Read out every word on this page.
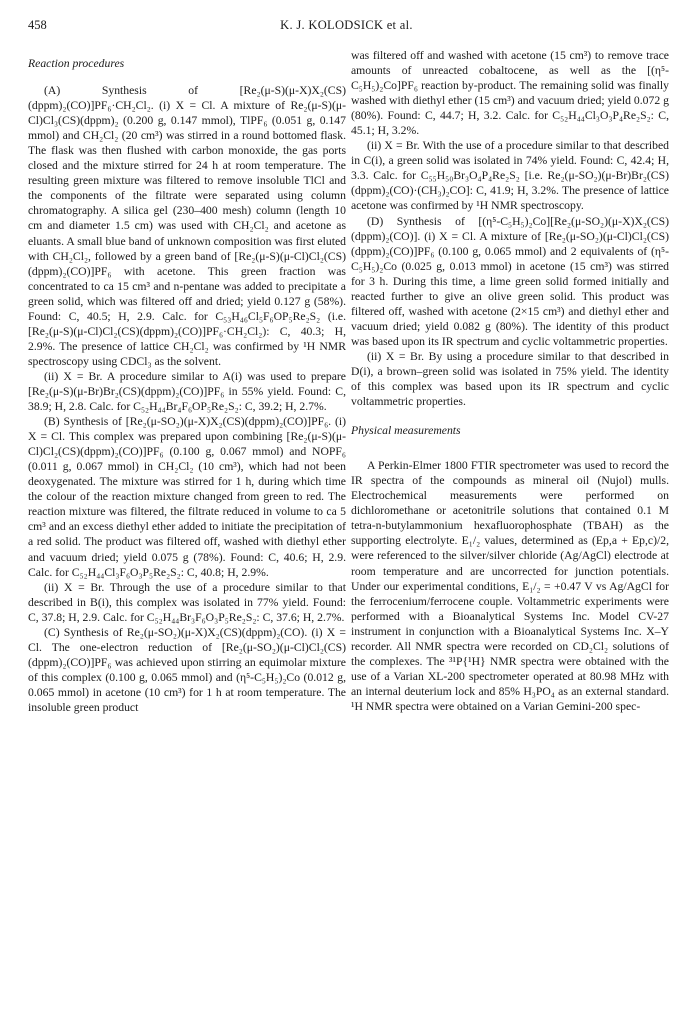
458	K. J. KOLODSICK et al.
Reaction procedures

(A) Synthesis of [Re₂(μ-S)(μ-X)X₂(CS)(dppm)₂(CO)]PF₆·CH₂Cl₂. (i) X = Cl. A mixture of Re₂(μ-S)(μ-Cl)Cl₃(CS)(dppm)₂ (0.200 g, 0.147 mmol), TlPF₆ (0.051 g, 0.147 mmol) and CH₂Cl₂ (20 cm³) was stirred in a round bottomed flask. The flask was then flushed with carbon monoxide, the gas ports closed and the mixture stirred for 24 h at room temperature. The resulting green mixture was filtered to remove insoluble TlCl and the components of the filtrate were separated using column chromatography. A silica gel (230–400 mesh) column (length 10 cm and diameter 1.5 cm) was used with CH₂Cl₂ and acetone as eluants. A small blue band of unknown composition was first eluted with CH₂Cl₂, followed by a green band of [Re₂(μ-S)(μ-Cl)Cl₂(CS)(dppm)₂(CO)]PF₆ with acetone. This green fraction was concentrated to ca 15 cm³ and n-pentane was added to precipitate a green solid, which was filtered off and dried; yield 0.127 g (58%). Found: C, 40.5; H, 2.9. Calc. for C₅₃H₄₆Cl₅F₆OP₅Re₂S₂ (i.e. [Re₂(μ-S)(μ-Cl)Cl₂(CS)(dppm)₂(CO)]PF₆·CH₂Cl₂): C, 40.3; H, 2.9%. The presence of lattice CH₂Cl₂ was confirmed by ¹H NMR spectroscopy using CDCl₃ as the solvent.

(ii) X = Br. A procedure similar to A(i) was used to prepare [Re₂(μ-S)(μ-Br)Br₂(CS)(dppm)₂(CO)]PF₆ in 55% yield. Found: C, 38.9; H, 2.8. Calc. for C₅₂H₄₄Br₄F₆OP₅Re₂S₂: C, 39.2; H, 2.7%.

(B) Synthesis of [Re₂(μ-SO₂)(μ-X)X₂(CS)(dppm)₂(CO)]PF₆. (i) X = Cl. This complex was prepared upon combining [Re₂(μ-S)(μ-Cl)Cl₂(CS)(dppm)₂(CO)]PF₆ (0.100 g, 0.067 mmol) and NOPF₆ (0.011 g, 0.067 mmol) in CH₂Cl₂ (10 cm³), which had not been deoxygenated. The mixture was stirred for 1 h, during which time the colour of the reaction mixture changed from green to red. The reaction mixture was filtered, the filtrate reduced in volume to ca 5 cm³ and an excess diethyl ether added to initiate the precipitation of a red solid. The product was filtered off, washed with diethyl ether and vacuum dried; yield 0.075 g (78%). Found: C, 40.6; H, 2.9. Calc. for C₅₂H₄₄Cl₃F₆O₃P₅Re₂S₂: C, 40.8; H, 2.9%.

(ii) X = Br. Through the use of a procedure similar to that described in B(i), this complex was isolated in 77% yield. Found: C, 37.8; H, 2.9. Calc. for C₅₂H₄₄Br₃F₆O₃P₅Re₂S₂: C, 37.6; H, 2.7%.

(C) Synthesis of Re₂(μ-SO₂)(μ-X)X₂(CS)(dppm)₂(CO). (i) X = Cl. The one-electron reduction of [Re₂(μ-SO₂)(μ-Cl)Cl₂(CS)(dppm)₂(CO)]PF₆ was achieved upon stirring an equimolar mixture of this complex (0.100 g, 0.065 mmol) and (η⁵-C₅H₅)₂Co (0.012 g, 0.065 mmol) in acetone (10 cm³) for 1 h at room temperature. The insoluble green product

was filtered off and washed with acetone (15 cm³) to remove trace amounts of unreacted cobaltocene, as well as the [(η⁵-C₅H₅)₂Co]PF₆ reaction by-product. The remaining solid was finally washed with diethyl ether (15 cm³) and vacuum dried; yield 0.072 g (80%). Found: C, 44.7; H, 3.2. Calc. for C₅₂H₄₄Cl₃O₃P₄Re₂S₂: C, 45.1; H, 3.2%.

(ii) X = Br. With the use of a procedure similar to that described in C(i), a green solid was isolated in 74% yield. Found: C, 42.4; H, 3.3. Calc. for C₅₅H₅₀Br₃O₄P₄Re₂S₂ [i.e. Re₂(μ-SO₂)(μ-Br)Br₂(CS)(dppm)₂(CO)·(CH₃)₂CO]: C, 41.9; H, 3.2%. The presence of lattice acetone was confirmed by ¹H NMR spectroscopy.

(D) Synthesis of [(η⁵-C₅H₅)₂Co][Re₂(μ-SO₂)(μ-X)X₂(CS)(dppm)₂(CO)]. (i) X = Cl. A mixture of [Re₂(μ-SO₂)(μ-Cl)Cl₂(CS)(dppm)₂(CO)]PF₆ (0.100 g, 0.065 mmol) and 2 equivalents of (η⁵-C₅H₅)₂Co (0.025 g, 0.013 mmol) in acetone (15 cm³) was stirred for 3 h. During this time, a lime green solid formed initially and reacted further to give an olive green solid. This product was filtered off, washed with acetone (2×15 cm³) and diethyl ether and vacuum dried; yield 0.082 g (80%). The identity of this product was based upon its IR spectrum and cyclic voltammetric properties.

(ii) X = Br. By using a procedure similar to that described in D(i), a brown–green solid was isolated in 75% yield. The identity of this complex was based upon its IR spectrum and cyclic voltammetric properties.

Physical measurements

A Perkin-Elmer 1800 FTIR spectrometer was used to record the IR spectra of the compounds as mineral oil (Nujol) mulls. Electrochemical measurements were performed on dichloromethane or acetonitrile solutions that contained 0.1 M tetra-n-butylammonium hexafluorophosphate (TBAH) as the supporting electrolyte. E₁/₂ values, determined as (Ep,a + Ep,c)/2, were referenced to the silver/silver chloride (Ag/AgCl) electrode at room temperature and are uncorrected for junction potentials. Under our experimental conditions, E₁/₂ = +0.47 V vs Ag/AgCl for the ferrocenium/ferrocene couple. Voltammetric experiments were performed with a Bioanalytical Systems Inc. Model CV-27 instrument in conjunction with a Bioanalytical Systems Inc. X–Y recorder. All NMR spectra were recorded on CD₂Cl₂ solutions of the complexes. The ³¹P{¹H} NMR spectra were obtained with the use of a Varian XL-200 spectrometer operated at 80.98 MHz with an internal deuterium lock and 85% H₃PO₄ as an external standard. ¹H NMR spectra were obtained on a Varian Gemini-200 spec-
